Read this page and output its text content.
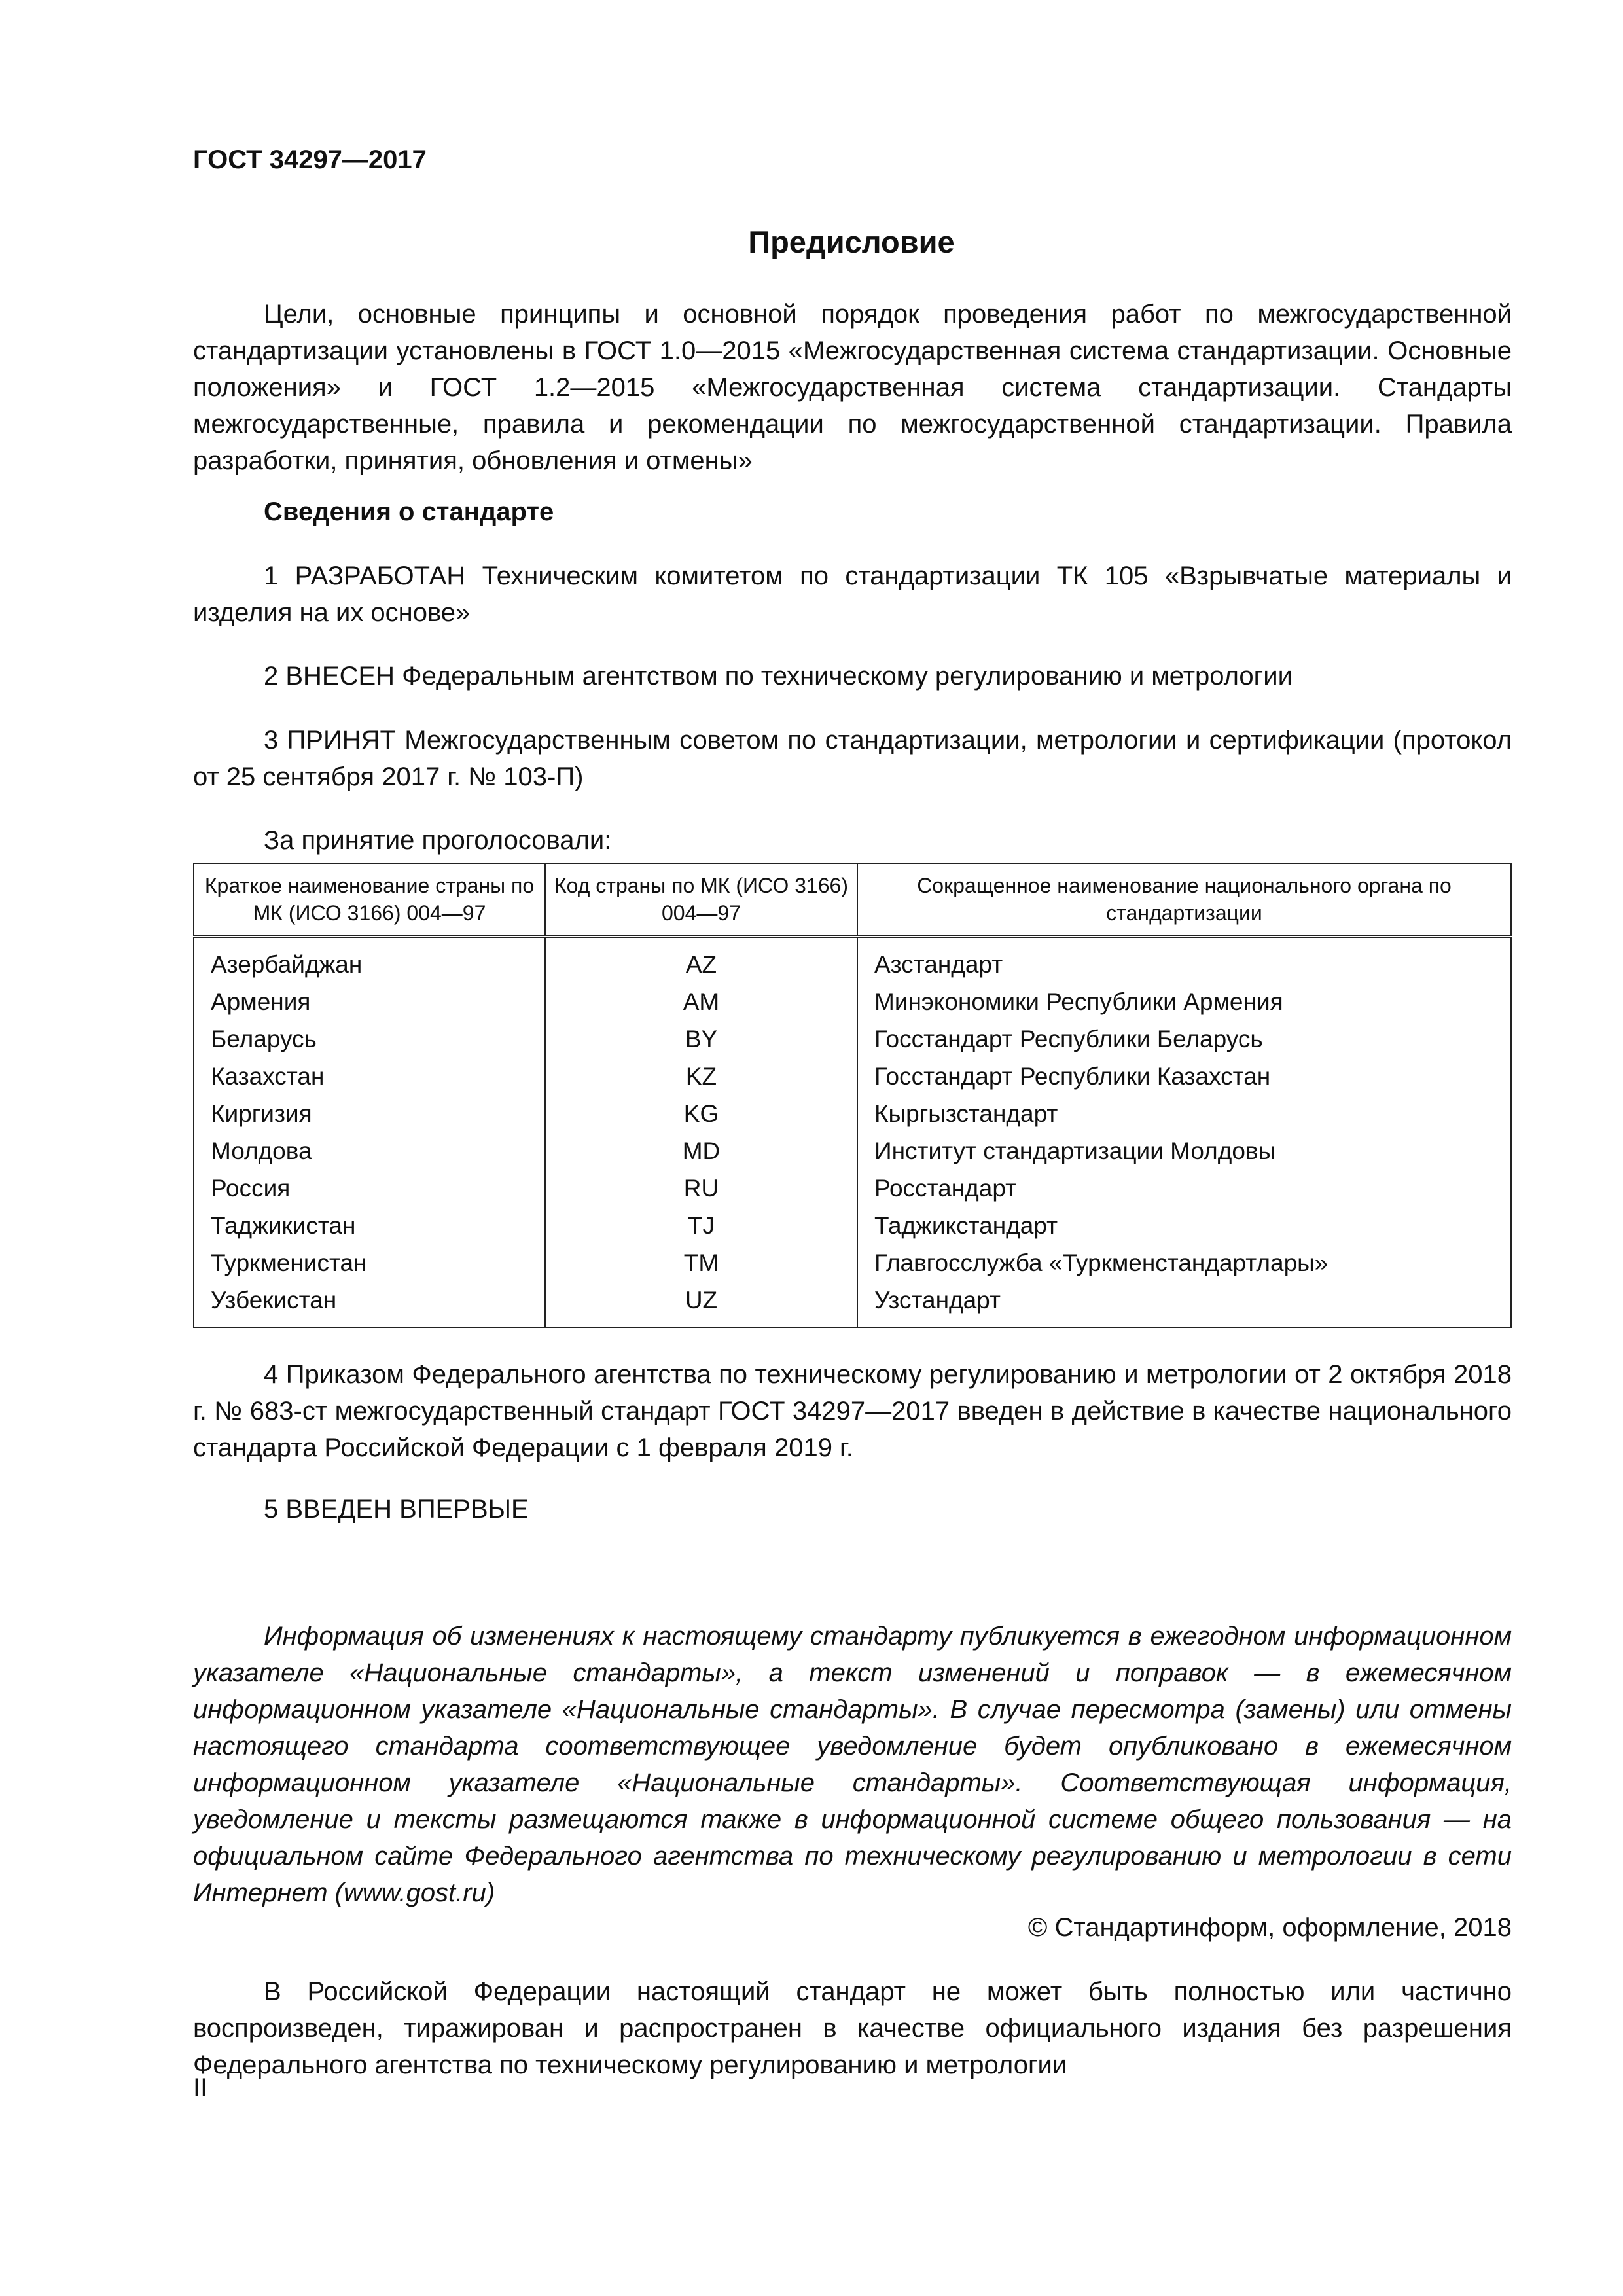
ГОСТ 34297—2017
Предисловие
Цели, основные принципы и основной порядок проведения работ по межгосударственной стандартизации установлены в ГОСТ 1.0—2015 «Межгосударственная система стандартизации. Основные положения» и ГОСТ 1.2—2015 «Межгосударственная система стандартизации. Стандарты межгосударственные, правила и рекомендации по межгосударственной стандартизации. Правила разработки, принятия, обновления и отмены»
Сведения о стандарте
1 РАЗРАБОТАН Техническим комитетом по стандартизации ТК 105 «Взрывчатые материалы и изделия на их основе»
2 ВНЕСЕН Федеральным агентством по техническому регулированию и метрологии
3 ПРИНЯТ Межгосударственным советом по стандартизации, метрологии и сертификации (протокол от 25 сентября 2017 г. № 103-П)
За принятие проголосовали:
Краткое наименование страны по МК (ИСО 3166) 004—97	Код страны по МК (ИСО 3166) 004—97	Сокращенное наименование национального органа по стандартизации
Азербайджан	AZ	Азстандарт
Армения	AM	Минэкономики Республики Армения
Беларусь	BY	Госстандарт Республики Беларусь
Казахстан	KZ	Госстандарт Республики Казахстан
Киргизия	KG	Кыргызстандарт
Молдова	MD	Институт стандартизации Молдовы
Россия	RU	Росстандарт
Таджикистан	TJ	Таджикстандарт
Туркменистан	TM	Главгосслужба «Туркменстандартлары»
Узбекистан	UZ	Узстандарт
4 Приказом Федерального агентства по техническому регулированию и метрологии от 2 октября 2018 г. № 683-ст межгосударственный стандарт ГОСТ 34297—2017 введен в действие в качестве национального стандарта Российской Федерации с 1 февраля 2019 г.
5 ВВЕДЕН ВПЕРВЫЕ
Информация об изменениях к настоящему стандарту публикуется в ежегодном информационном указателе «Национальные стандарты», а текст изменений и поправок — в ежемесячном информационном указателе «Национальные стандарты». В случае пересмотра (замены) или отмены настоящего стандарта соответствующее уведомление будет опубликовано в ежемесячном информационном указателе «Национальные стандарты». Соответствующая информация, уведомление и тексты размещаются также в информационной системе общего пользования — на официальном сайте Федерального агентства по техническому регулированию и метрологии в сети Интернет (www.gost.ru)
© Стандартинформ, оформление, 2018
В Российской Федерации настоящий стандарт не может быть полностью или частично воспроизведен, тиражирован и распространен в качестве официального издания без разрешения Федерального агентства по техническому регулированию и метрологии
II
